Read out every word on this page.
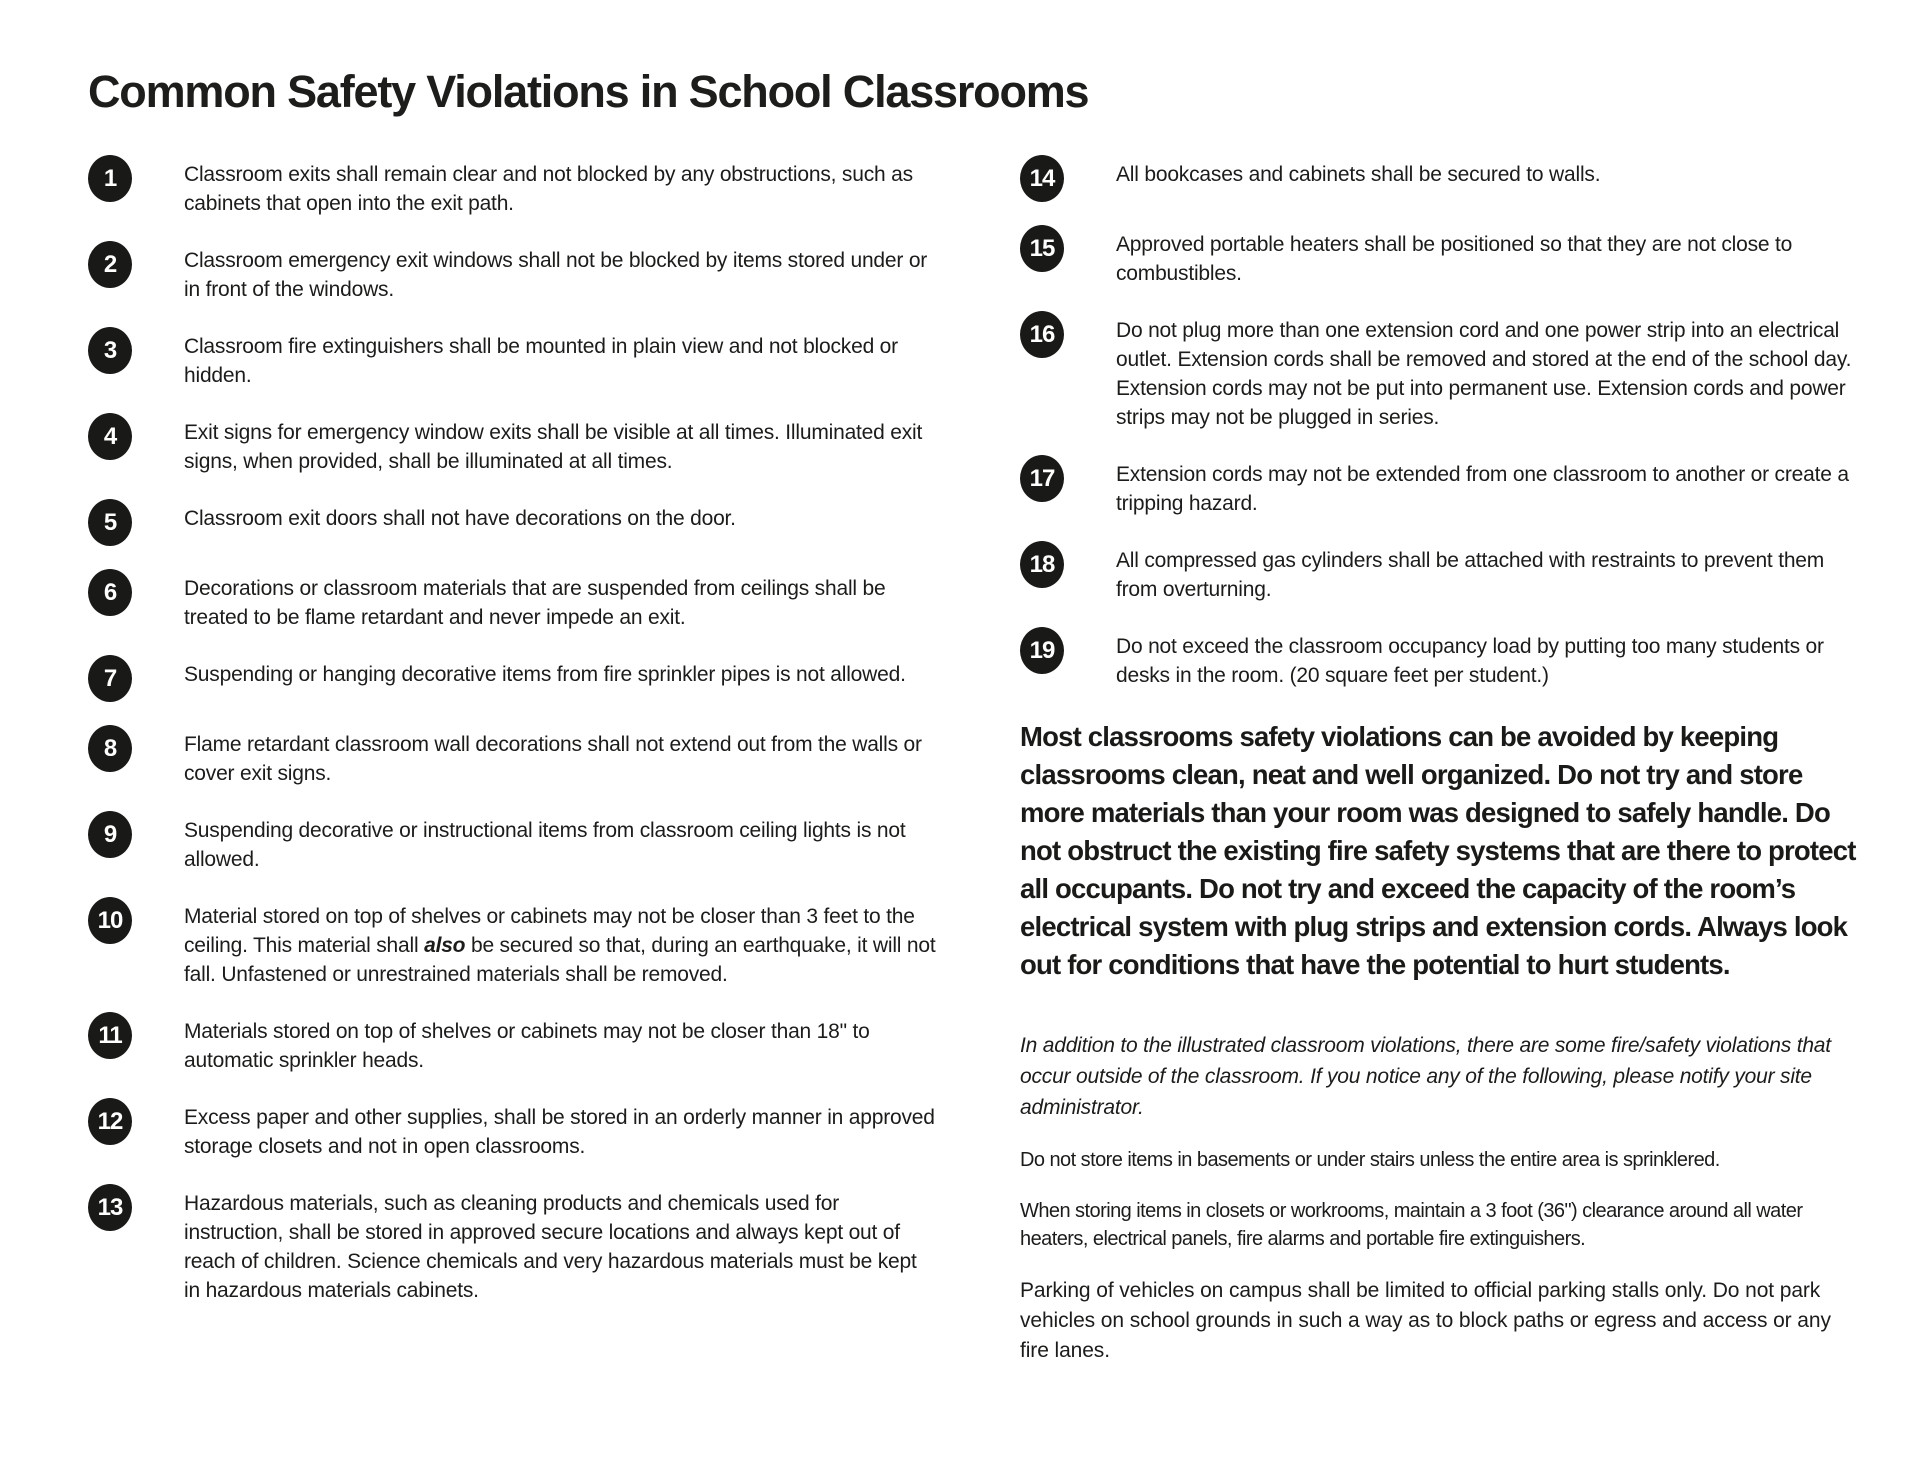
Common Safety Violations in School Classrooms
1	Classroom exits shall remain clear and not blocked by any obstructions, such as cabinets that open into the exit path.

2	Classroom emergency exit windows shall not be blocked by items stored under or in front of the windows.

3	Classroom fire extinguishers shall be mounted in plain view and not blocked or hidden.

4	Exit signs for emergency window exits shall be visible at all times. Illuminated exit signs, when provided, shall be illuminated at all times.

5	Classroom exit doors shall not have decorations on the door.

6	Decorations or classroom materials that are suspended from ceilings shall be treated to be flame retardant and never impede an exit.

7	Suspending or hanging decorative items from fire sprinkler pipes is not allowed.

8	Flame retardant classroom wall decorations shall not extend out from the walls or cover exit signs.

9	Suspending decorative or instructional items from classroom ceiling lights is not allowed.

10	Material stored on top of shelves or cabinets may not be closer than 3 feet to the ceiling. This material shall also be secured so that, during an earthquake, it will not fall. Unfastened or unrestrained materials shall be removed.

11	Materials stored on top of shelves or cabinets may not be closer than 18" to automatic sprinkler heads.

12	Excess paper and other supplies, shall be stored in an orderly manner in approved storage closets and not in open classrooms.

13	Hazardous materials, such as cleaning products and chemicals used for instruction, shall be stored in approved secure locations and always kept out of reach of children. Science chemicals and very hazardous materials must be kept in hazardous materials cabinets.

14	All bookcases and cabinets shall be secured to walls.

15	Approved portable heaters shall be positioned so that they are not close to combustibles.

16	Do not plug more than one extension cord and one power strip into an electrical outlet. Extension cords shall be removed and stored at the end of the school day. Extension cords may not be put into permanent use. Extension cords and power strips may not be plugged in series.

17	Extension cords may not be extended from one classroom to another or create a tripping hazard.

18	All compressed gas cylinders shall be attached with restraints to prevent them from overturning.

19	Do not exceed the classroom occupancy load by putting too many students or desks in the room. (20 square feet per student.)

Most classrooms safety violations can be avoided by keeping classrooms clean, neat and well organized. Do not try and store more materials than your room was designed to safely handle. Do not obstruct the existing fire safety systems that are there to protect all occupants. Do not try and exceed the capacity of the room’s electrical system with plug strips and extension cords. Always look out for conditions that have the potential to hurt students.

In addition to the illustrated classroom violations, there are some fire/safety violations that occur outside of the classroom. If you notice any of the following, please notify your site administrator.

Do not store items in basements or under stairs unless the entire area is sprinklered.

When storing items in closets or workrooms, maintain a 3 foot (36") clearance around all water heaters, electrical panels, fire alarms and portable fire extinguishers.

Parking of vehicles on campus shall be limited to official parking stalls only. Do not park vehicles on school grounds in such a way as to block paths or egress and access or any fire lanes.
